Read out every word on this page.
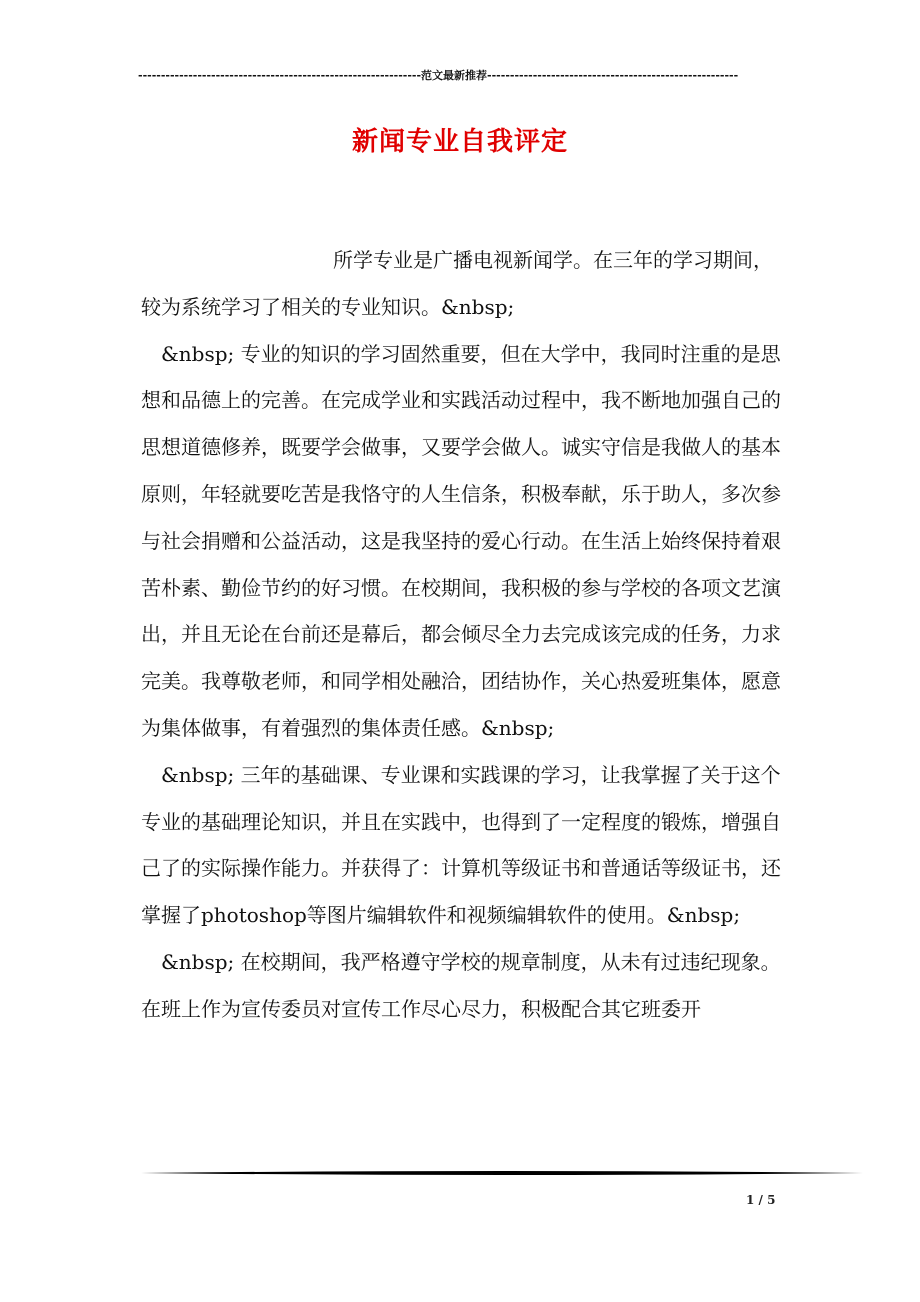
--------------------------------------------------------------范文最新推荐-------------------------------------------------------
新闻专业自我评定

所学专业是广播电视新闻学。在三年的学习期间，较为系统学习了相关的专业知识。&nbsp;

&nbsp; 专业的知识的学习固然重要，但在大学中，我同时注重的是思想和品德上的完善。在完成学业和实践活动过程中，我不断地加强自己的思想道德修养，既要学会做事，又要学会做人。诚实守信是我做人的基本原则，年轻就要吃苦是我恪守的人生信条，积极奉献，乐于助人，多次参与社会捐赠和公益活动，这是我坚持的爱心行动。在生活上始终保持着艰苦朴素、勤俭节约的好习惯。在校期间，我积极的参与学校的各项文艺演出，并且无论在台前还是幕后，都会倾尽全力去完成该完成的任务，力求完美。我尊敬老师，和同学相处融洽，团结协作，关心热爱班集体，愿意为集体做事，有着强烈的集体责任感。&nbsp;

&nbsp; 三年的基础课、专业课和实践课的学习，让我掌握了关于这个专业的基础理论知识，并且在实践中，也得到了一定程度的锻炼，增强自己了的实际操作能力。并获得了：计算机等级证书和普通话等级证书，还掌握了photoshop等图片编辑软件和视频编辑软件的使用。&nbsp;

&nbsp; 在校期间，我严格遵守学校的规章制度，从未有过违纪现象。在班上作为宣传委员对宣传工作尽心尽力，积极配合其它班委开

1 / 5
